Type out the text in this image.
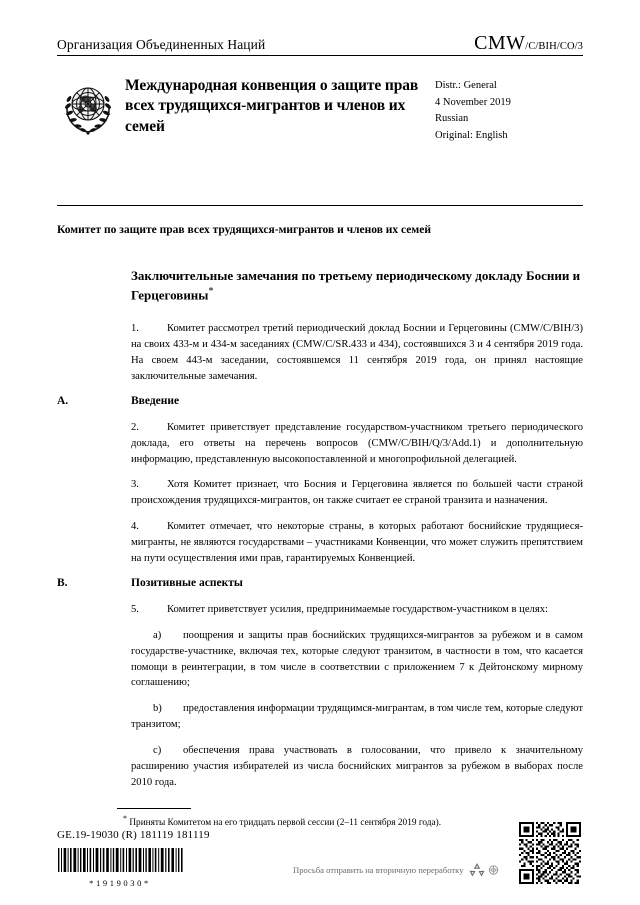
Организация Объединенных Наций	CMW/C/BIH/CO/3
Международная конвенция о защите прав всех трудящихся-мигрантов и членов их семей
Distr.: General
4 November 2019
Russian
Original: English
Комитет по защите прав всех трудящихся-мигрантов и членов их семей
Заключительные замечания по третьему периодическому докладу Боснии и Герцеговины*

1.	Комитет рассмотрел третий периодический доклад Боснии и Герцеговины (CMW/C/BIH/3) на своих 433-м и 434-м заседаниях (CMW/C/SR.433 и 434), состоявшихся 3 и 4 сентября 2019 года. На своем 443-м заседании, состоявшемся 11 сентября 2019 года, он принял настоящие заключительные замечания.

A.	Введение

2.	Комитет приветствует представление государством-участником третьего периодического доклада, его ответы на перечень вопросов (CMW/C/BIH/Q/3/Add.1) и дополнительную информацию, представленную высокопоставленной и многопрофильной делегацией.

3.	Хотя Комитет признает, что Босния и Герцеговина является по большей части страной происхождения трудящихся-мигрантов, он также считает ее страной транзита и назначения.

4.	Комитет отмечает, что некоторые страны, в которых работают боснийские трудящиеся-мигранты, не являются государствами – участниками Конвенции, что может служить препятствием на пути осуществления ими прав, гарантируемых Конвенцией.

B.	Позитивные аспекты

5.	Комитет приветствует усилия, предпринимаемые государством-участником в целях:

a) поощрения и защиты прав боснийских трудящихся-мигрантов за рубежом и в самом государстве-участнике, включая тех, которые следуют транзитом, в частности в том, что касается помощи в реинтеграции, в том числе в соответствии с приложением 7 к Дейтонскому мирному соглашению;

b) предоставления информации трудящимся-мигрантам, в том числе тем, которые следуют транзитом;

c) обеспечения права участвовать в голосовании, что привело к значительному расширению участия избирателей из числа боснийских мигрантов за рубежом в выборах после 2010 года.

* Приняты Комитетом на его тридцать первой сессии (2–11 сентября 2019 года).
GE.19-19030 (R) 181119 181119
*1919030*
Просьба отправить на вторичную переработку
